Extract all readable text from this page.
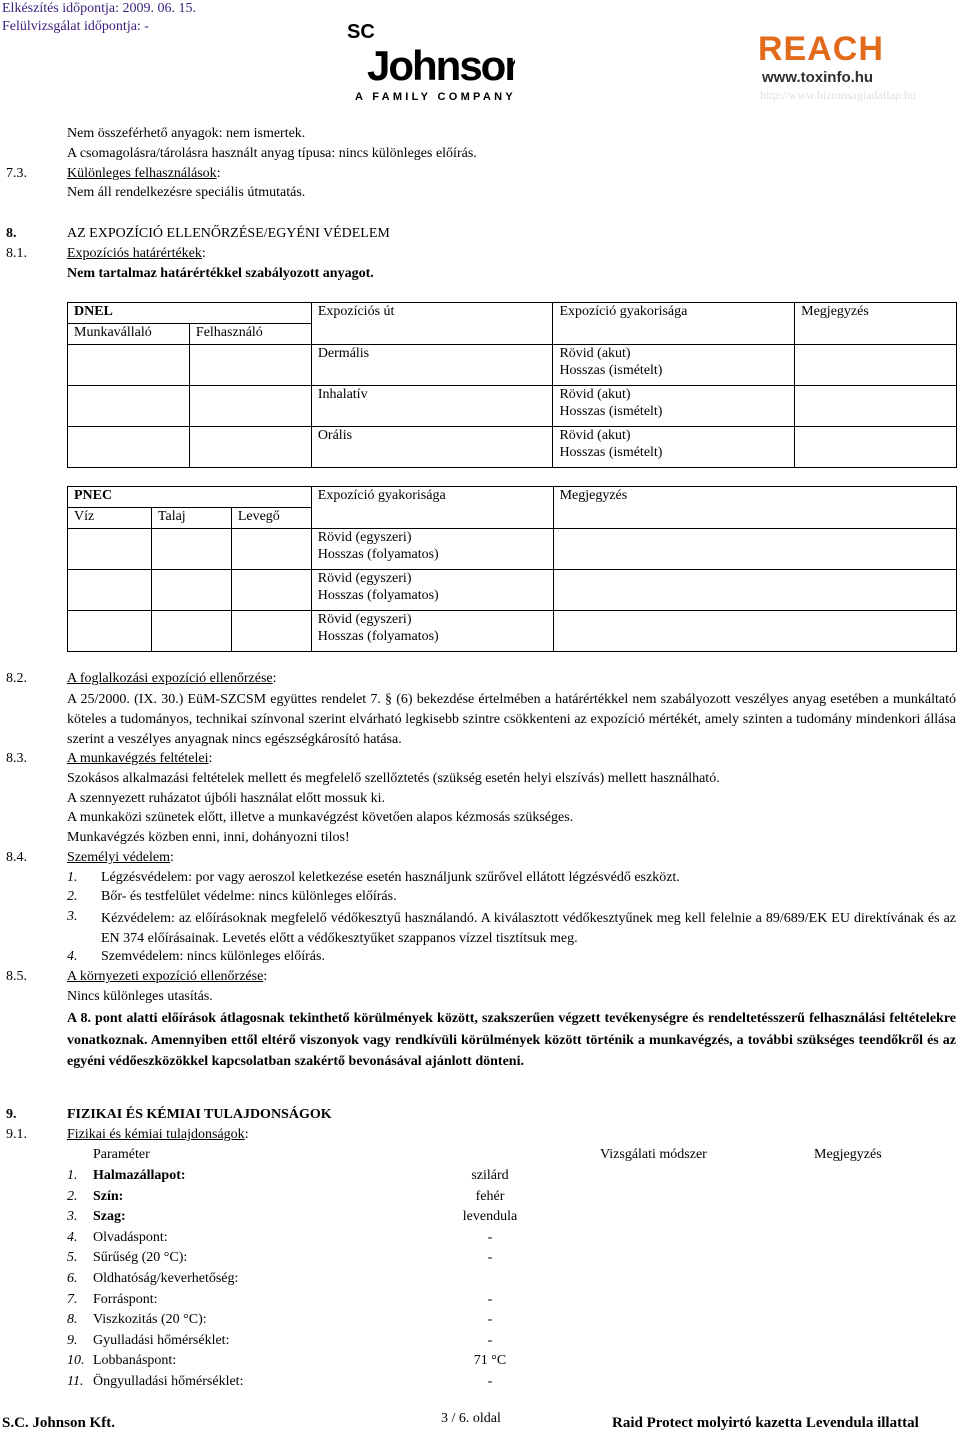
Elkészítés időpontja: 2009. 06. 15.
Felülvizsgálat időpontja: -	SC
Johnson
A FAMILY COMPANY
REACH
www.toxinfo.hu
http://www.biztonsagiadatlap.hu
Nem összeférhető anyagok: nem ismertek.
A csomagolásra/tárolásra használt anyag típusa: nincs különleges előírás.
7.3.	Különleges felhasználások:
Nem áll rendelkezésre speciális útmutatás.
8.	AZ EXPOZÍCIÓ ELLENŐRZÉSE/EGYÉNI VÉDELEM
8.1.	Expozíciós határértékek:
Nem tartalmaz határértékkel szabályozott anyagot.
DNEL		Expozíciós út	Expozíció gyakorisága	Megjegyzés
Munkavállaló	Felhasználó			
		Dermális	Rövid (akut)
Hosszas (ismételt)	

		Inhalatív	Rövid (akut)
Hosszas (ismételt)	

		Orális	Rövid (akut)
Hosszas (ismételt)	

PNEC			Expozíció gyakorisága	Megjegyzés
Víz	Talaj	Levegő		

			Rövid (egyszeri)
Hosszas (folyamatos)	

			Rövid (egyszeri)
Hosszas (folyamatos)	

			Rövid (egyszeri)
Hosszas (folyamatos)	

8.2.	A foglalkozási expozíció ellenőrzése:
A 25/2000. (IX. 30.) EüM-SZCSM együttes rendelet 7. § (6) bekezdése értelmében a határértékkel nem szabályozott veszélyes anyag esetében a munkáltató köteles a tudományos, technikai színvonal szerint elvárható legkisebb szintre csökkenteni az expozíció mértékét, amely szinten a tudomány mindenkori állása szerint a veszélyes anyagnak nincs egészségkárosító hatása.
8.3.	A munkavégzés feltételei:
Szokásos alkalmazási feltételek mellett és megfelelő szellőztetés (szükség esetén helyi elszívás) mellett használható.
A szennyezett ruházatot újbóli használat előtt mossuk ki.
A munkaközi szünetek előtt, illetve a munkavégzést követően alapos kézmosás szükséges.
Munkavégzés közben enni, inni, dohányozni tilos!
8.4.	Személyi védelem:
1. Légzésvédelem: por vagy aeroszol keletkezése esetén használjunk szűrővel ellátott légzésvédő eszközt.
2. Bőr- és testfelület védelme: nincs különleges előírás.
3. Kézvédelem: az előírásoknak megfelelő védőkesztyű használandó. A kiválasztott védőkesztyűnek meg kell felelnie a 89/689/EK EU direktívának és az EN 374 előírásainak. Levetés előtt a védőkesztyűket szappanos vízzel tisztítsuk meg.
4. Szemvédelem: nincs különleges előírás.
8.5.	A környezeti expozíció ellenőrzése:
Nincs különleges utasítás.
A 8. pont alatti előírások átlagosnak tekinthető körülmények között, szakszerűen végzett tevékenységre és rendeltetésszerű felhasználási feltételekre vonatkoznak. Amennyiben ettől eltérő viszonyok vagy rendkívüli körülmények között történik a munkavégzés, a további szükséges teendőkről és az egyéni védőeszközökkel kapcsolatban szakértő bevonásával ajánlott dönteni.
9.	FIZIKAI ÉS KÉMIAI TULAJDONSÁGOK
9.1.	Fizikai és kémiai tulajdonságok:
Paraméter	Vizsgálati módszer	Megjegyzés
1. Halmazállapot:	szilárd
2. Szín:	fehér
3. Szag:	levendula
4. Olvadáspont:	-
5. Sűrűség (20 °C):	-
6. Oldhatóság/keverhetőség:
7. Forráspont:	-
8. Viszkozitás (20 °C):	-
9. Gyulladási hőmérséklet:	-
10. Lobbanáspont:	71 °C
11. Öngyulladási hőmérséklet:	-
S.C. Johnson Kft.	3 / 6. oldal	Raid Protect molyirtó kazetta Levendula illattal
